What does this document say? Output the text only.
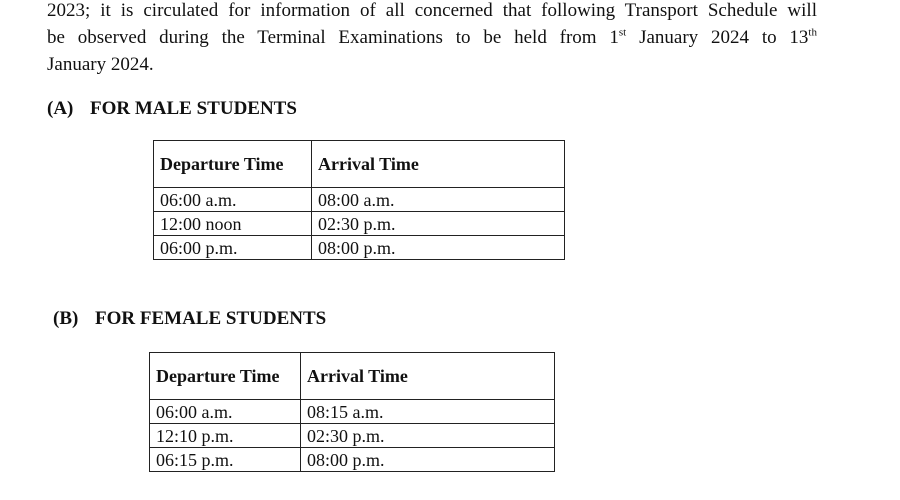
2023; it is circulated for information of all concerned that following Transport Schedule will
be observed during the Terminal Examinations to be held from 1st January 2024 to 13th
January 2024.
(A) FOR MALE STUDENTS
Departure Time	Arrival Time
06:00 a.m.	08:00 a.m.
12:00 noon	02:30 p.m.
06:00 p.m.	08:00 p.m.
(B) FOR FEMALE STUDENTS
Departure Time	Arrival Time
06:00 a.m.	08:15 a.m.
12:10 p.m.	02:30 p.m.
06:15 p.m.	08:00 p.m.
